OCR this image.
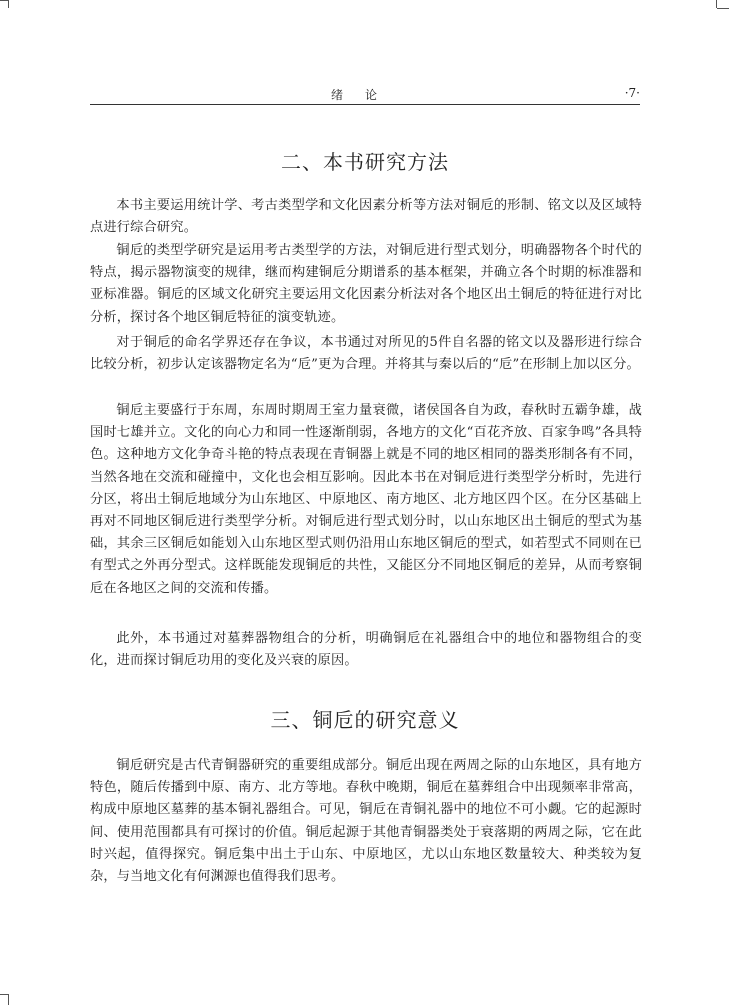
绪论	·7·
二、本书研究方法

本书主要运用统计学、考古类型学和文化因素分析等方法对铜卮的形制、铭文以及区域特点进行综合研究。

铜卮的类型学研究是运用考古类型学的方法，对铜卮进行型式划分，明确器物各个时代的特点，揭示器物演变的规律，继而构建铜卮分期谱系的基本框架，并确立各个时期的标准器和亚标准器。铜卮的区域文化研究主要运用文化因素分析法对各个地区出土铜卮的特征进行对比分析，探讨各个地区铜卮特征的演变轨迹。

对于铜卮的命名学界还存在争议，本书通过对所见的5件自名器的铭文以及器形进行综合比较分析，初步认定该器物定名为“卮”更为合理。并将其与秦以后的“卮”在形制上加以区分。

铜卮主要盛行于东周，东周时期周王室力量衰微，诸侯国各自为政，春秋时五霸争雄，战国时七雄并立。文化的向心力和同一性逐渐削弱，各地方的文化“百花齐放、百家争鸣”各具特色。这种地方文化争奇斗艳的特点表现在青铜器上就是不同的地区相同的器类形制各有不同，当然各地在交流和碰撞中，文化也会相互影响。因此本书在对铜卮进行类型学分析时，先进行分区，将出土铜卮地域分为山东地区、中原地区、南方地区、北方地区四个区。在分区基础上再对不同地区铜卮进行类型学分析。对铜卮进行型式划分时，以山东地区出土铜卮的型式为基础，其余三区铜卮如能划入山东地区型式则仍沿用山东地区铜卮的型式，如若型式不同则在已有型式之外再分型式。这样既能发现铜卮的共性，又能区分不同地区铜卮的差异，从而考察铜卮在各地区之间的交流和传播。

此外，本书通过对墓葬器物组合的分析，明确铜卮在礼器组合中的地位和器物组合的变化，进而探讨铜卮功用的变化及兴衰的原因。

三、铜卮的研究意义

铜卮研究是古代青铜器研究的重要组成部分。铜卮出现在两周之际的山东地区，具有地方特色，随后传播到中原、南方、北方等地。春秋中晚期，铜卮在墓葬组合中出现频率非常高，构成中原地区墓葬的基本铜礼器组合。可见，铜卮在青铜礼器中的地位不可小觑。它的起源时间、使用范围都具有可探讨的价值。铜卮起源于其他青铜器类处于衰落期的两周之际，它在此时兴起，值得探究。铜卮集中出土于山东、中原地区，尤以山东地区数量较大、种类较为复杂，与当地文化有何渊源也值得我们思考。
